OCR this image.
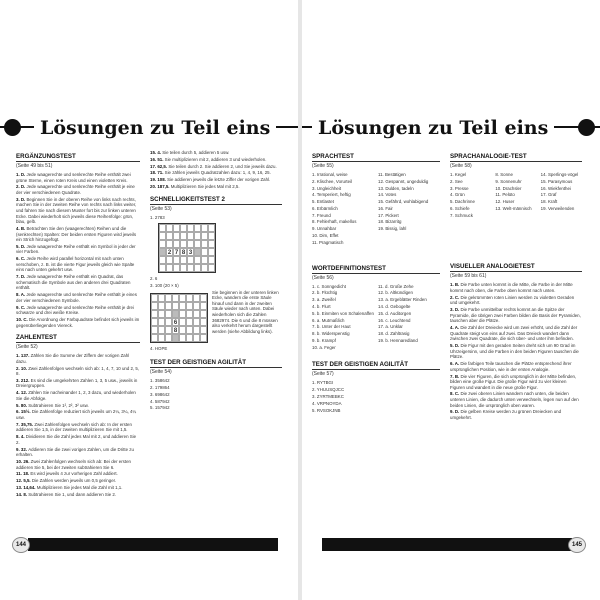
Lösungen zu Teil eins
ERGÄNZUNGSTEST
(Seite 49 bis 51)
1. D. Jede waagerechte und senkrechte Reihe enthält zwei grüne Sterne, einen roten Kreis und einen violetten Kreis.
2. D. Jede waagerechte und senkrechte Reihe enthält je eine der vier verschiedenen Quadrate.
3. D. Beginnen Sie in der oberen Reihe von links nach rechts, machen Sie in der zweiten Reihe von rechts nach links weiter, und fahren Sie nach diesem Muster fort bis zur linken unteren Ecke. Dabei wiederholt sich jeweils diese Reihenfolge: grün, blau, gelb.
4. B. Betrachten Sie den (waagerechten) Reihen und die (senkrechten) Spalten: Der beiden ersten Figuren wird jeweils ein Strich hinzugefügt.
5. D. Jede waagerechte Reihe enthält ein Symbol in jeder der vier Farben.
6. C. Jede Reihe wird parallel horizontal mit nach unten verschoben, z. B. ist die vierte Figur jeweils gleich wie Spalte eins nach unten gekehrt usw.
7. D. Jede waagerechte Reihe enthält ein Quadrat, das schematisch die Symbole aus den anderen drei Quadraten enthält.
8. A. Jede waagerechte und senkrechte Reihe enthält je eines der vier verschiedenen Symbole.
9. C. Jede waagerechte und senkrechte Reihe enthält je drei schwarze und drei weiße Kreise.
10. C. Die Anordnung der Farbquadrate befindet sich jeweils im gegenüberliegenden Viereck.
ZAHLENTEST
(Seite 52)
1. 137. Zählen Sie die Summe der Ziffern der vorigen Zahl dazu.
2. 10. Zwei Zahlenfolgen wechseln sich ab: 1, 4, 7, 10 und 2, 5, 8.
3. 212. Es sind die umgekehrten Zahlen 1, 3, 5 usw., jeweils in Dreiergruppen.
4. 12. Zählen Sie nacheinander 1, 2, 3 dazu, und wiederholen Sie die Abfolge.
5. 80. Subtrahieren Sie 1², 2², 3² usw.
6. 15½. Die Zahlenfolge reduziert sich jeweils um 2¼, 3¼, 4¼ usw.
7. 35,75. Zwei Zahlenfolgen wechseln sich ab: In der ersten addieren Sie 1,5, in der zweiten multiplizieren Sie mit 1,5.
8. 4. Dividieren Sie die Zahl jedes Mal mit 2, und addieren Sie 2.
9. 32. Addieren Sie die zwei vorigen Zahlen, um die Dritte zu erhalten.
10. 26. Zwei Zahlenfolgen wechseln sich ab: Bei der ersten addieren Sie 5, bei der zweiten subtrahieren Sie 6.
11. 18. Es wird jeweils 4 zur vorherigen Zahl addiert.
12. 5,5. Die Zahlen werden jeweils um 0,5 geringer.
13. 14,64. Multiplizieren Sie jedes Mal die Zahl mit 1,1.
14. 8. Subtrahieren Sie 1, und dann addieren Sie 2.
15. 4. Sie teilen durch 5, addieren 5 usw.
16. 51. Sie multiplizieren mit 2, addieren 3 und wiederholen.
17. 62,5. Sie teilen durch 2. Sie addieren 2, und Sie jeweils dazu.
18. 71. Sie zählen jeweils Quadratzahlen dazu: 1, 4, 9, 16, 25.
19. 108. Sie addieren jeweils die letzte Ziffer der vorigen Zahl.
20. 187,5. Multiplizieren Sie jedes Mal mit 2,5.
SCHNELLIGKEITSTEST 2
(Seite 53)
1. 2783
2 7 8 3
2. 6
3. 100 (20 × 5)
6
8
Sie beginnen in der unteren linken Ecke, wandern die erste Säule hinauf und dann in der zweiten Säule wieder nach unten. Dabei wiederholen sich die Zahlen 3682974. Die 6 und die 8 müssen also verkehrt herum dargestellt werden (siehe Abbildung links).
4. HOPE
TEST DER GEISTIGEN AGILITÄT
(Seite 54)
1. 358642
2. 179864
3. 698642
4. 587942
5. 157942
144
Lösungen zu Teil eins
SPRACHTEST
(Seite 55)
1. Irrational, weise
2. Klischee, Vorurteil
3. Ungleichheit
4. Temperiert, heftig
5. Entlastet
6. Erbärmlich
7. Freund
8. Fehlerhaft, makellos
9. Unnahbar
10. Dim, Effet
11. Pragmatisch
11. Bestätigen
12. Gespannt, ungeduldig
13. Dulden, tadeln
14. Votes
15. Gefährd, wohlabigend
16. Fair
17. Pickert
18. Bizarritg
19. Bissig, lahl
WORTDEFINITIONSTEST
(Seite 56)
1. c. Sonngedicht
2. b. Flüchtig
3. a. Zweifel
4. b. Flurt
5. b. Einmiten von Schalenaffen
6. a. Mutmaßlich
7. b. Unter der Haut
8. b. Widerspenstig
9. b. Krampf
10. a. Feger
11. d. Große Zehe
12. b. Altkündigen
13. a. Ergeblätter Rinden
14. d. Gebogelte
15. d. Auditorgen
16. c. Leuchtend
17. a. Unklar
18. d. Zahltrasig
19. b. Hennaredland
TEST DER GEISTIGEN AGILITÄT
(Seite 57)
1. RYTBGI
2. YHUUSQJCC
3. ZYRTMEBKC
4. VRPNOYDA
5. RVSOKJNB
SPRACHANALOGIE-TEST
(Seite 58)
1. Kegel
2. See
3. Presse
4. Grün
5. Dachrinne
6. Schiefe
7. Schmuck
8. Sonne
9. Sonnenuhr
10. Drachsler
11. Pelüto
12. Huser
13. Welt-männisch
14. Sperlings-vögel
15. Parasymous
16. Wiekfenthei
17. Graf
18. Kraft
19. Verweilenden
VISUELLER ANALOGIETEST
(Seite 59 bis 61)
1. B. Die Farbe unten kommt in die Mitte, die Farbe in der Mitte kommt nach oben, die Farbe oben kommt nach unten.
2. C. Die gekrümmten roten Linien werden zu violetten Geraden und umgekehrt.
3. D. Die Farbe unmittelbar rechts kommt an die Spitze der Pyramide, die übrigen zwei Farben bilden die Basis der Pyramiden, tauschen aber die Plätze.
4. A. Die Zahl der Dreiecke wird um zwei erhöht, und die Zahl der Quadrate steigt von eins auf zwei. Das Dreieck wandert dann zwischen zwei Quadrate, die sich über- und unter ihm befinden.
5. D. Die Figur mit den geraden Seiten dreht sich um 90 Grad im Uhrzeigersinn, und die Farben in den beiden Figuren tauschen die Plätze.
6. A. Die farbigen Teile tauschen die Plätze entsprechend ihrer ursprünglichen Position, wie in der ersten Analogie.
7. B. Die vier Figuren, die sich ursprünglich in der Mitte befinden, bilden eine große Figur. Die große Figur wird zu vier kleinen Figuren und wandert in die neue große Figur.
8. C. Die zwei oberen Linien wandern nach unten, die beiden unteren Linien, die dadurch unten verwechseln, legen nun auf den beiden Linien, die ursprünglich oben waren.
9. D. Die gelben Kreise werden zu grünen Dreiecken und umgekehrt.
145
